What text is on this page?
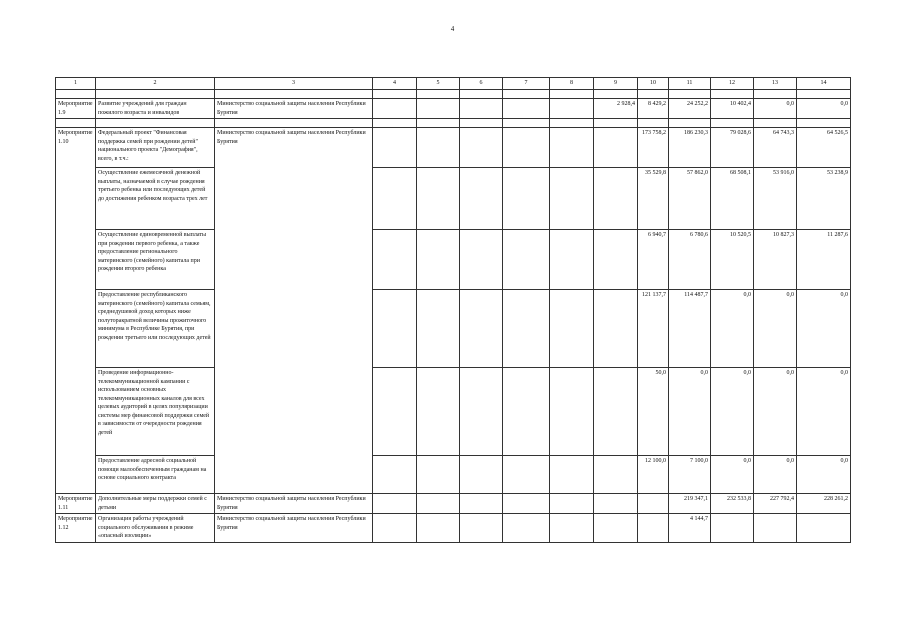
4
1	2	3	4	5	6	7	8	9	10	11	12	13	14

Мероприятие 1.9	Развитие учреждений для граждан пожилого возраста и инвалидов	Министерство социальной защиты населения Республики Бурятия						2 928,4	8 429,2	24 252,2	10 402,4	0,0	0,0

Мероприятие 1.10	Федеральный проект "Финансовая поддержка семей при рождении детей" национального проекта "Демография", всего, в т.ч.:	Министерство социальной защиты населения Республики Бурятия							173 758,2	186 230,3	79 028,6	64 743,3	64 526,5
	Осуществление ежемесячной денежной выплаты, назначаемой в случае рождения третьего ребенка или последующих детей до достижения ребенком возраста трех лет								35 529,8	57 862,0	68 508,1	53 916,0	53 238,9
	Осуществление единовременной выплаты при рождении первого ребенка, а также предоставление регионального материнского (семейного) капитала при рождении второго ребенка								6 940,7	6 780,6	10 520,5	10 827,3	11 287,6
	Предоставление республиканского материнского (семейного) капитала семьям, среднедушевой доход которых ниже полуторакратной величины прожиточного минимума в Республике Бурятия, при рождении третьего или последующих детей								121 137,7	114 487,7	0,0	0,0	0,0
	Проведение информационно-телекоммуникационной кампании с использованием основных телекоммуникационных каналов для всех целевых аудиторий в целях популяризации системы мер финансовой поддержки семей в зависимости от очередности рождения детей								50,0	0,0	0,0	0,0	0,0
	Предоставление адресной социальной помощи малообеспеченным гражданам на основе социального контракта								12 100,0	7 100,0	0,0	0,0	0,0
Мероприятие 1.11	Дополнительные меры поддержки семей с детьми	Министерство социальной защиты населения Республики Бурятия								219 347,1	232 533,8	227 792,4	228 261,2
Мероприятие 1.12	Организация работы учреждений социального обслуживания в режиме «опасный изоляции»	Министерство социальной защиты населения Республики Бурятия								4 144,7			
